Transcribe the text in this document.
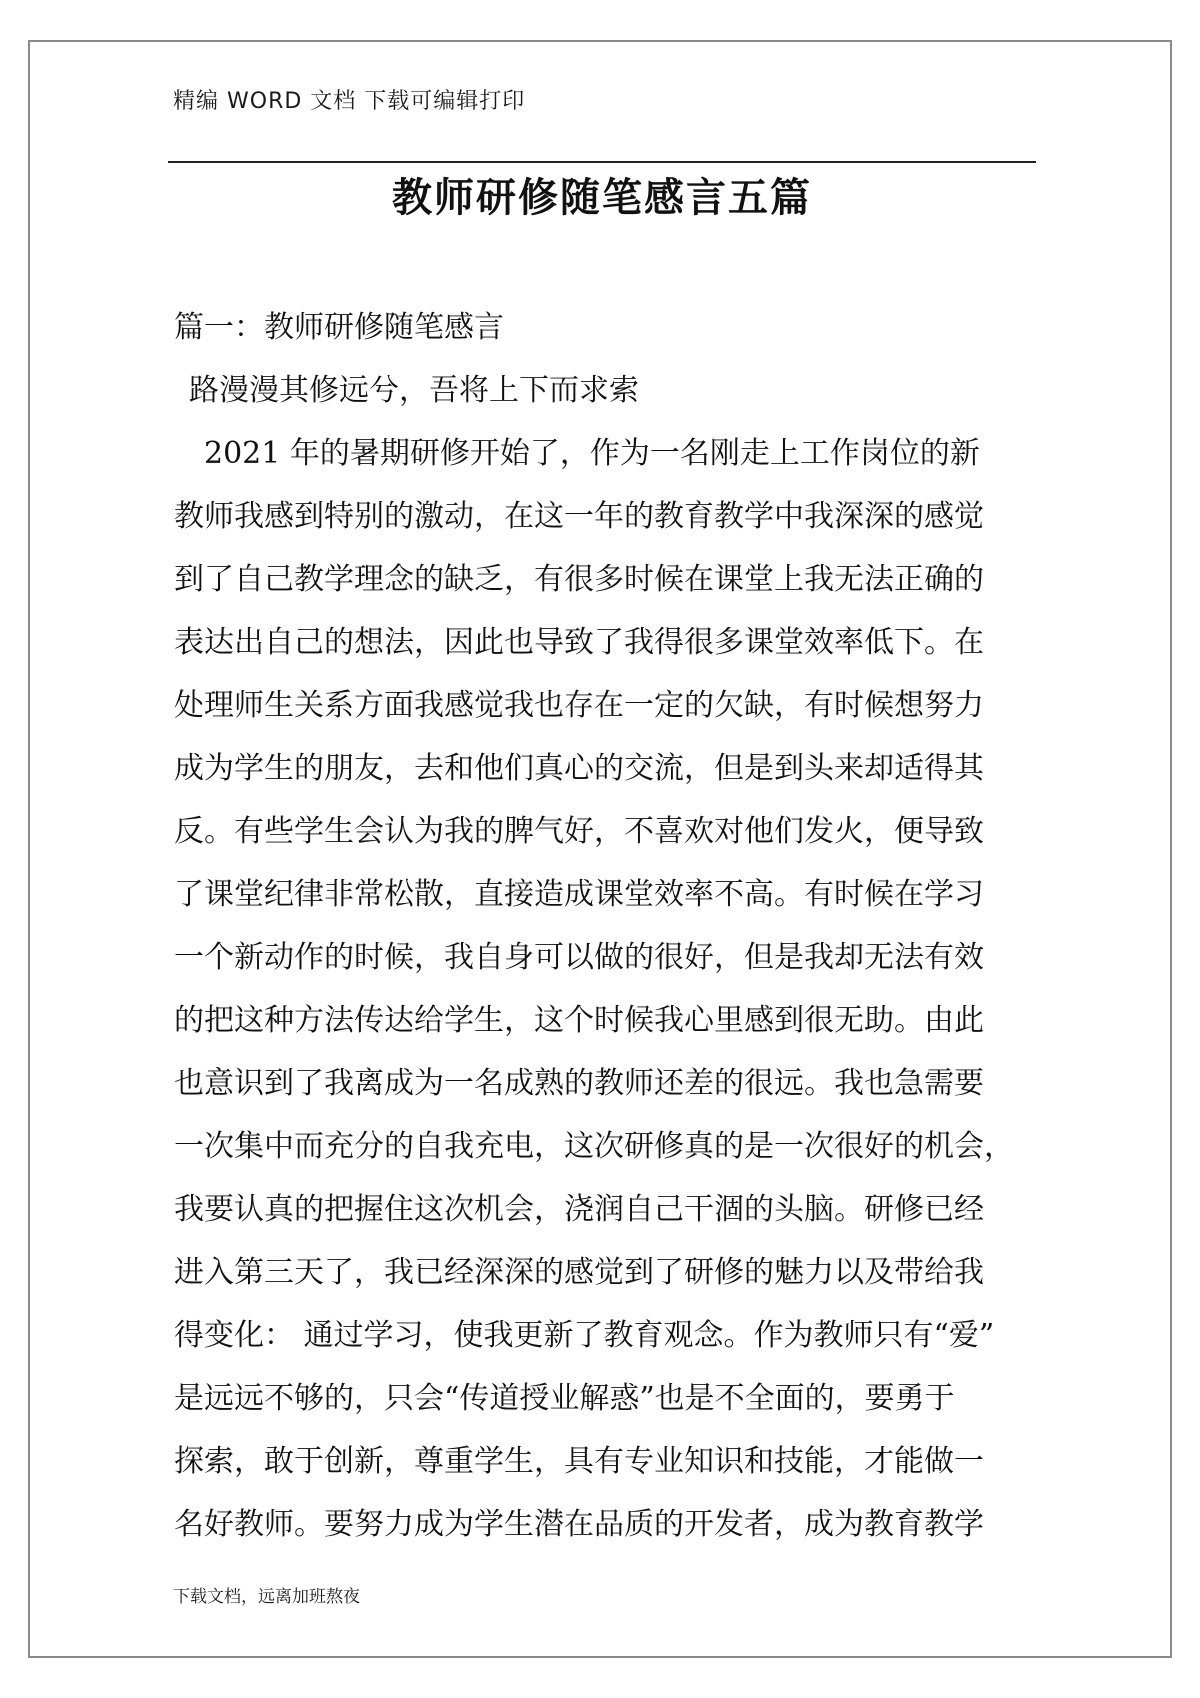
精编 WORD 文档 下载可编辑打印
教师研修随笔感言五篇
篇一：教师研修随笔感言
路漫漫其修远兮，吾将上下而求索
2021 年的暑期研修开始了，作为一名刚走上工作岗位的新
教师我感到特别的激动，在这一年的教育教学中我深深的感觉
到了自己教学理念的缺乏，有很多时候在课堂上我无法正确的
表达出自己的想法，因此也导致了我得很多课堂效率低下。在
处理师生关系方面我感觉我也存在一定的欠缺，有时候想努力
成为学生的朋友，去和他们真心的交流，但是到头来却适得其
反。有些学生会认为我的脾气好，不喜欢对他们发火，便导致
了课堂纪律非常松散，直接造成课堂效率不高。有时候在学习
一个新动作的时候，我自身可以做的很好，但是我却无法有效
的把这种方法传达给学生，这个时候我心里感到很无助。由此
也意识到了我离成为一名成熟的教师还差的很远。我也急需要
一次集中而充分的自我充电，这次研修真的是一次很好的机会，
我要认真的把握住这次机会，浇润自己干涸的头脑。研修已经
进入第三天了，我已经深深的感觉到了研修的魅力以及带给我
得变化： 通过学习，使我更新了教育观念。作为教师只有“爱”
是远远不够的，只会“传道授业解惑”也是不全面的，要勇于
探索，敢于创新，尊重学生，具有专业知识和技能，才能做一
名好教师。要努力成为学生潜在品质的开发者，成为教育教学
下载文档，远离加班熬夜
